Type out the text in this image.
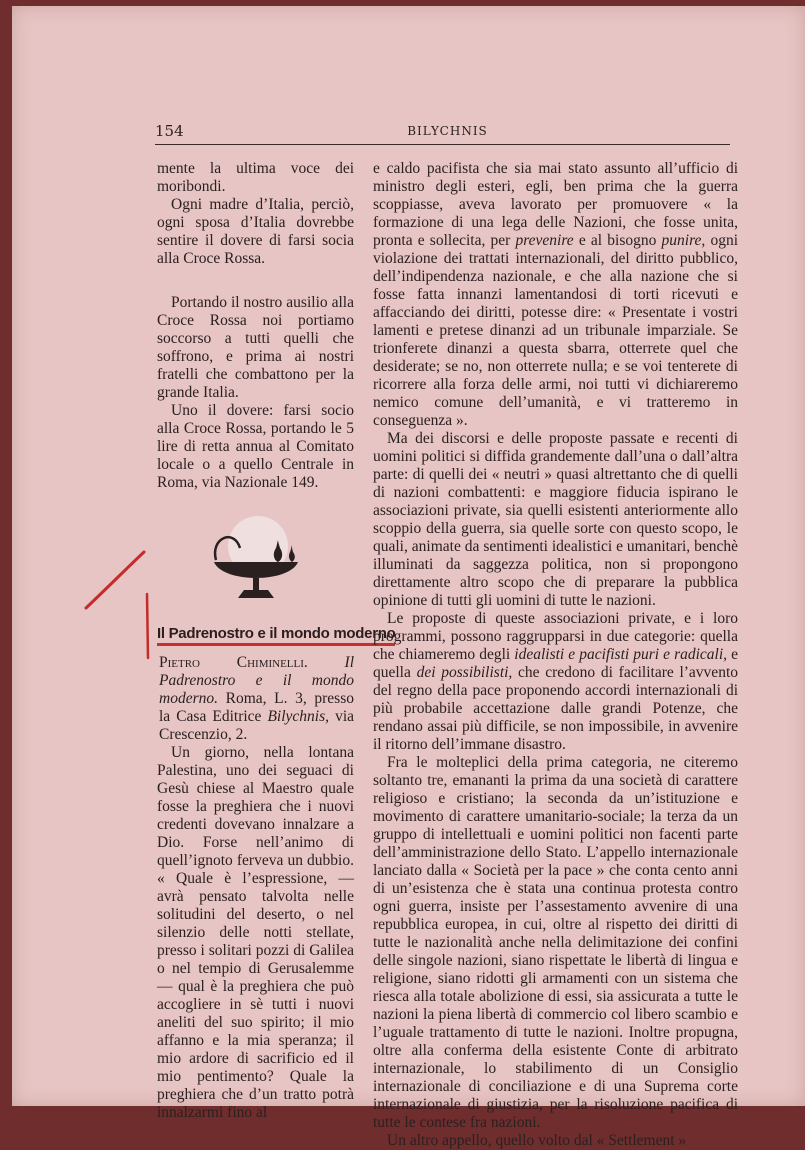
154	BILYCHNIS

mente la ultima voce dei moribondi.

Ogni madre d’Italia, perciò, ogni sposa d’Italia dovrebbe sentire il dovere di farsi socia alla Croce Rossa.

Portando il nostro ausilio alla Croce Rossa noi portiamo soccorso a tutti quelli che soffrono, e prima ai nostri fratelli che combattono per la grande Italia.

Uno il dovere: farsi socio alla Croce Rossa, portando le 5 lire di retta annua al Comitato locale o a quello Centrale in Roma, via Nazionale 149.

Il Padrenostro e il mondo moderno

Pietro Chiminelli. Il Padrenostro e il mondo moderno. Roma, L. 3, presso la Casa Editrice Bilychnis, via Crescenzio, 2.

Un giorno, nella lontana Palestina, uno dei seguaci di Gesù chiese al Maestro quale fosse la preghiera che i nuovi credenti dovevano innalzare a Dio. Forse nell’animo di quell’ignoto ferveva un dubbio. « Quale è l’espressione, — avrà pensato talvolta nelle solitudini del deserto, o nel silenzio delle notti stellate, presso i solitari pozzi di Galilea o nel tempio di Gerusalemme — qual è la preghiera che può accogliere in sè tutti i nuovi aneliti del suo spirito; il mio affanno e la mia speranza; il mio ardore di sacrificio ed il mio pentimento? Quale la preghiera che d’un tratto potrà innalzarmi fino al

e caldo pacifista che sia mai stato assunto all’ufficio di ministro degli esteri, egli, ben prima che la guerra scoppiasse, aveva lavorato per promuovere « la formazione di una lega delle Nazioni, che fosse unita, pronta e sollecita, per prevenire e al bisogno punire, ogni violazione dei trattati internazionali, del diritto pubblico, dell’indipendenza nazionale, e che alla nazione che si fosse fatta innanzi lamentandosi di torti ricevuti e affacciando dei diritti, potesse dire: « Presentate i vostri lamenti e pretese dinanzi ad un tribunale imparziale. Se trionferete dinanzi a questa sbarra, otterrete quel che desiderate; se no, non otterrete nulla; e se voi tenterete di ricorrere alla forza delle armi, noi tutti vi dichiareremo nemico comune dell’umanità, e vi tratteremo in conseguenza ».

Ma dei discorsi e delle proposte passate e recenti di uomini politici si diffida grandemente dall’una o dall’altra parte: di quelli dei « neutri » quasi altrettanto che di quelli di nazioni combattenti: e maggiore fiducia ispirano le associazioni private, sia quelli esistenti anteriormente allo scoppio della guerra, sia quelle sorte con questo scopo, le quali, animate da sentimenti idealistici e umanitari, benchè illuminati da saggezza politica, non si propongono direttamente altro scopo che di preparare la pubblica opinione di tutti gli uomini di tutte le nazioni.

Le proposte di queste associazioni private, e i loro programmi, possono raggrupparsi in due categorie: quella che chiameremo degli idealisti e pacifisti puri e radicali, e quella dei possibilisti, che credono di facilitare l’avvento del regno della pace proponendo accordi internazionali di più probabile accettazione dalle grandi Potenze, che rendano assai più difficile, se non impossibile, in avvenire il ritorno dell’immane disastro.

Fra le molteplici della prima categoria, ne citeremo soltanto tre, emananti la prima da una società di carattere religioso e cristiano; la seconda da un’istituzione e movimento di carattere umanitario-sociale; la terza da un gruppo di intellettuali e uomini politici non facenti parte dell’amministrazione dello Stato. L’appello internazionale lanciato dalla « Società per la pace » che conta cento anni di un’esistenza che è stata una continua protesta contro ogni guerra, insiste per l’assestamento avvenire di una repubblica europea, in cui, oltre al rispetto dei diritti di tutte le nazionalità anche nella delimitazione dei confini delle singole nazioni, siano rispettate le libertà di lingua e religione, siano ridotti gli armamenti con un sistema che riesca alla totale abolizione di essi, sia assicurata a tutte le nazioni la piena libertà di commercio col libero scambio e l’uguale trattamento di tutte le nazioni. Inoltre propugna, oltre alla conferma della esistente Conte di arbitrato internazionale, lo stabilimento di un Consiglio internazionale di conciliazione e di una Suprema corte internazionale di giustizia, per la risoluzione pacifica di tutte le contese fra nazioni.

Un altro appello, quello volto dal « Settlement »
